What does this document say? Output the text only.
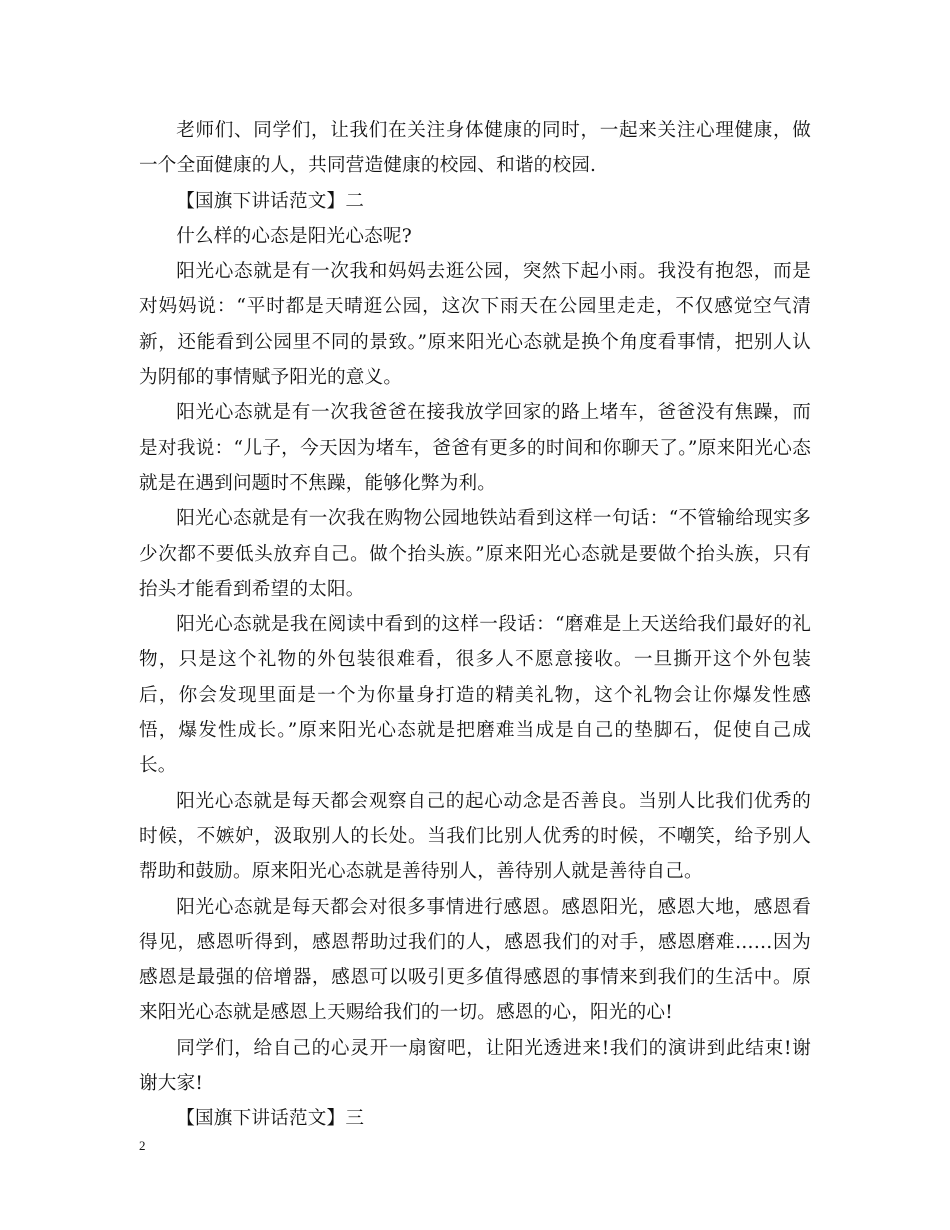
老师们、同学们，让我们在关注身体健康的同时，一起来关注心理健康，做一个全面健康的人，共同营造健康的校园、和谐的校园.

【国旗下讲话范文】二

什么样的心态是阳光心态呢?

阳光心态就是有一次我和妈妈去逛公园，突然下起小雨。我没有抱怨，而是对妈妈说：“平时都是天晴逛公园，这次下雨天在公园里走走，不仅感觉空气清新，还能看到公园里不同的景致。”原来阳光心态就是换个角度看事情，把别人认为阴郁的事情赋予阳光的意义。

阳光心态就是有一次我爸爸在接我放学回家的路上堵车，爸爸没有焦躁，而是对我说：“儿子，今天因为堵车，爸爸有更多的时间和你聊天了。”原来阳光心态就是在遇到问题时不焦躁，能够化弊为利。

阳光心态就是有一次我在购物公园地铁站看到这样一句话：“不管输给现实多少次都不要低头放弃自己。做个抬头族。”原来阳光心态就是要做个抬头族，只有抬头才能看到希望的太阳。

阳光心态就是我在阅读中看到的这样一段话：“磨难是上天送给我们最好的礼物，只是这个礼物的外包装很难看，很多人不愿意接收。一旦撕开这个外包装后，你会发现里面是一个为你量身打造的精美礼物，这个礼物会让你爆发性感悟，爆发性成长。”原来阳光心态就是把磨难当成是自己的垫脚石，促使自己成长。

阳光心态就是每天都会观察自己的起心动念是否善良。当别人比我们优秀的时候，不嫉妒，汲取别人的长处。当我们比别人优秀的时候，不嘲笑，给予别人帮助和鼓励。原来阳光心态就是善待别人，善待别人就是善待自己。

阳光心态就是每天都会对很多事情进行感恩。感恩阳光，感恩大地，感恩看得见，感恩听得到，感恩帮助过我们的人，感恩我们的对手，感恩磨难……因为感恩是最强的倍增器，感恩可以吸引更多值得感恩的事情来到我们的生活中。原来阳光心态就是感恩上天赐给我们的一切。感恩的心，阳光的心!

同学们，给自己的心灵开一扇窗吧，让阳光透进来!我们的演讲到此结束!谢谢大家!

【国旗下讲话范文】三

2
